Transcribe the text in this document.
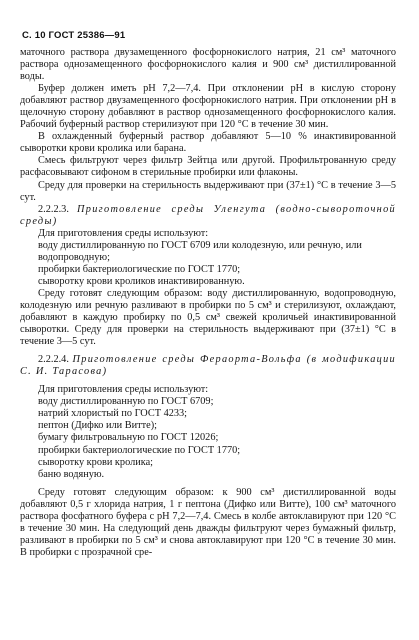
С. 10 ГОСТ 25386—91

маточного раствора двузамещенного фосфорнокислого натрия, 21 см³ маточного раствора однозамещенного фосфорнокислого калия и 900 см³ дистиллированной воды.

Буфер должен иметь рН 7,2—7,4. При отклонении рН в кислую сторону добавляют раствор двузамещенного фосфорнокислого натрия. При отклонении рН в щелочную сторону добавляют в раствор однозамещенного фосфорнокислого калия. Рабочий буферный раствор стерилизуют при 120 °С в течение 30 мин.

В охлажденный буферный раствор добавляют 5—10 % инактивированной сыворотки крови кролика или барана.

Смесь фильтруют через фильтр Зейтца или другой. Профильтрованную среду расфасовывают сифоном в стерильные пробирки или флаконы.

Среду для проверки на стерильность выдерживают при (37±1) °С в течение 3—5 сут.

2.2.2.3. Приготовление среды Уленгута (водно-сывороточной среды)

Для приготовления среды используют:

воду дистиллированную по ГОСТ 6709 или колодезную, или речную, или водопроводную;

пробирки бактериологические по ГОСТ 1770;

сыворотку крови кроликов инактивированную.

Среду готовят следующим образом: воду дистиллированную, водопроводную, колодезную или речную разливают в пробирки по 5 см³ и стерилизуют, охлаждают, добавляют в каждую пробирку по 0,5 см³ свежей кроличьей инактивированной сыворотки. Среду для проверки на стерильность выдерживают при (37±1) °С в течение 3—5 сут.

2.2.2.4. Приготовление среды Фераорта-Вольфа (в модификации С. И. Тарасова)

Для приготовления среды используют:

воду дистиллированную по ГОСТ 6709;

натрий хлористый по ГОСТ 4233;

пептон (Дифко или Витте);

бумагу фильтровальную по ГОСТ 12026;

пробирки бактериологические по ГОСТ 1770;

сыворотку крови кролика;

баню водяную.

Среду готовят следующим образом: к 900 см³ дистиллированной воды добавляют 0,5 г хлорида натрия, 1 г пептона (Дифко или Витте), 100 см³ маточного раствора фосфатного буфера с рН 7,2—7,4. Смесь в колбе автоклавируют при 120 °С в течение 30 мин. На следующий день дважды фильтруют через бумажный фильтр, разливают в пробирки по 5 см³ и снова автоклавируют при 120 °С в течение 30 мин. В пробирки с прозрачной сре-
